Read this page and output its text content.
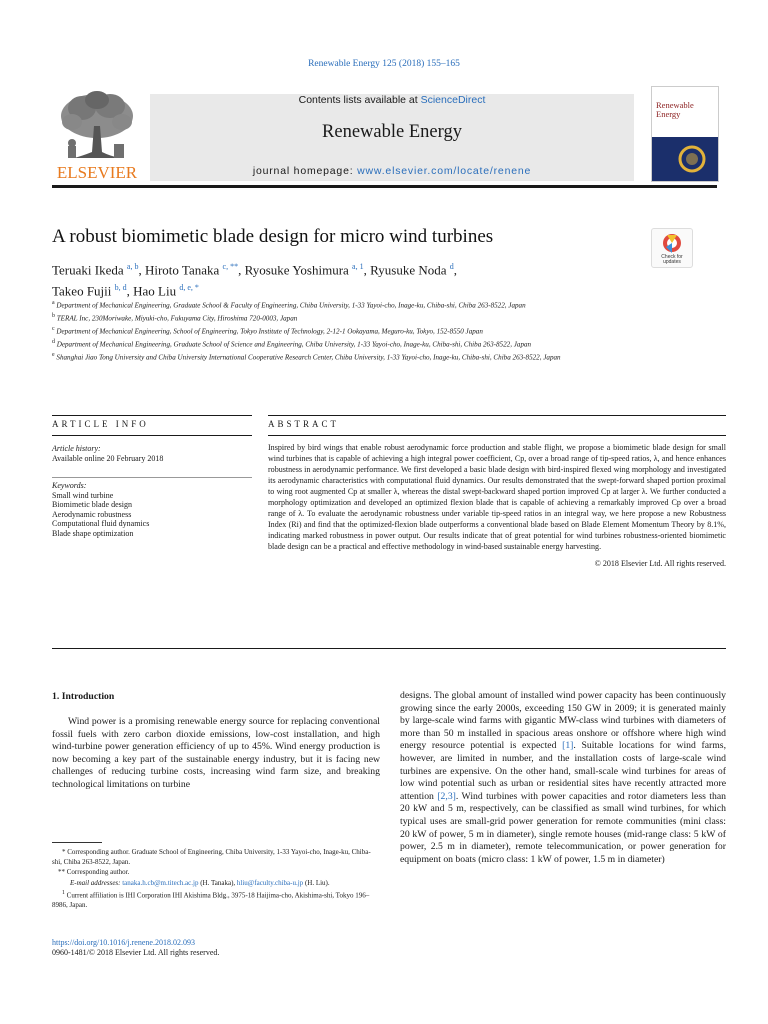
Renewable Energy 125 (2018) 155–165
ELSEVIER
Contents lists available at ScienceDirect
Renewable Energy
journal homepage: www.elsevier.com/locate/renene
Renewable Energy
A robust biomimetic blade design for micro wind turbines
Check for updates
Teruaki Ikeda $^{a, b}$, Hiroto Tanaka $^{c, **}$, Ryosuke Yoshimura $^{a, 1}$, Ryusuke Noda $^d$,
Takeo Fujii $^{b, d}$, Hao Liu $^{d, e, *}$
$^a$ Department of Mechanical Engineering, Graduate School & Faculty of Engineering, Chiba University, 1-33 Yayoi-cho, Inage-ku, Chiba-shi, Chiba 263-8522, Japan
$^b$ TERAL Inc, 230Moriwake, Miyuki-cho, Fukuyama City, Hiroshima 720-0003, Japan
$^c$ Department of Mechanical Engineering, School of Engineering, Tokyo Institute of Technology, 2-12-1 Ookayama, Meguro-ku, Tokyo, 152-8550 Japan
$^d$ Department of Mechanical Engineering, Graduate School of Science and Engineering, Chiba University, 1-33 Yayoi-cho, Inage-ku, Chiba-shi, Chiba 263-8522, Japan
$^e$ Shanghai Jiao Tong University and Chiba University International Cooperative Research Center, Chiba University, 1-33 Yayoi-cho, Inage-ku, Chiba-shi, Chiba 263-8522, Japan
ARTICLE INFO	ABSTRACT
Article history:
Available online 20 February 2018
Keywords:
Small wind turbine
Biomimetic blade design
Aerodynamic robustness
Computational fluid dynamics
Blade shape optimization
Inspired by bird wings that enable robust aerodynamic force production and stable flight, we propose a biomimetic blade design for small wind turbines that is capable of achieving a high integral power coefficient, Cp, over a broad range of tip-speed ratios, λ, and hence enhances robustness in aerodynamic performance. We first developed a basic blade design with bird-inspired flexed wing morphology and investigated its aerodynamic characteristics with computational fluid dynamics. Our results demonstrated that the swept-forward shaped portion proximal to wing root augmented Cp at smaller λ, whereas the distal swept-backward shaped portion improved Cp at larger λ. We further conducted a morphology optimization and developed an optimized flexion blade that is capable of achieving a remarkably improved Cp over a broad range of λ. To evaluate the aerodynamic robustness under variable tip-speed ratios in an integral way, we here propose a new Robustness Index (Ri) and find that the optimized-flexion blade outperforms a conventional blade based on Blade Element Momentum Theory by 8.1%, indicating marked robustness in power output. Our results indicate that of great potential for wind turbines robustness-oriented biomimetic blade design can be a practical and effective methodology in wind-based sustainable energy harvesting.
© 2018 Elsevier Ltd. All rights reserved.
1. Introduction
Wind power is a promising renewable energy source for replacing conventional fossil fuels with zero carbon dioxide emissions, low-cost installation, and high wind-turbine power generation efficiency of up to 45%. Wind energy production is now becoming a key part of the sustainable energy industry, but it is facing new challenges of reducing turbine costs, increasing wind farm size, and breaking technological limitations on turbine
designs. The global amount of installed wind power capacity has been continuously growing since the early 2000s, exceeding 150 GW in 2009; it is generated mainly by large-scale wind farms with gigantic MW-class wind turbines with diameters of more than 50 m installed in spacious areas onshore or offshore where high wind energy resource potential is expected [1]. Suitable locations for wind farms, however, are limited in number, and the installation costs of large-scale wind turbines are expensive. On the other hand, small-scale wind turbines for areas of low wind potential such as urban or residential sites have recently attracted more attention [2,3]. Wind turbines with power capacities and rotor diameters less than 20 kW and 5 m, respectively, can be classified as small wind turbines, for which typical uses are small-grid power generation for remote communities (mini class: 20 kW of power, 5 m in diameter), single remote houses (mid-range class: 5 kW of power, 2.5 m in diameter), remote telecommunication, or power generation for equipment on boats (micro class: 1 kW of power, 1.5 m in diameter)
* Corresponding author. Graduate School of Engineering, Chiba University, 1-33 Yayoi-cho, Inage-ku, Chiba-shi, Chiba 263-8522, Japan.
** Corresponding author.
E-mail addresses: tanaka.h.cb@m.titech.ac.jp (H. Tanaka), hliu@faculty.chiba-u.jp (H. Liu).
$^1$ Current affiliation is IHI Corporation IHI Akishima Bldg., 3975-18 Haijima-cho, Akishima-shi, Tokyo 196–8986, Japan.
https://doi.org/10.1016/j.renene.2018.02.093
0960-1481/© 2018 Elsevier Ltd. All rights reserved.
